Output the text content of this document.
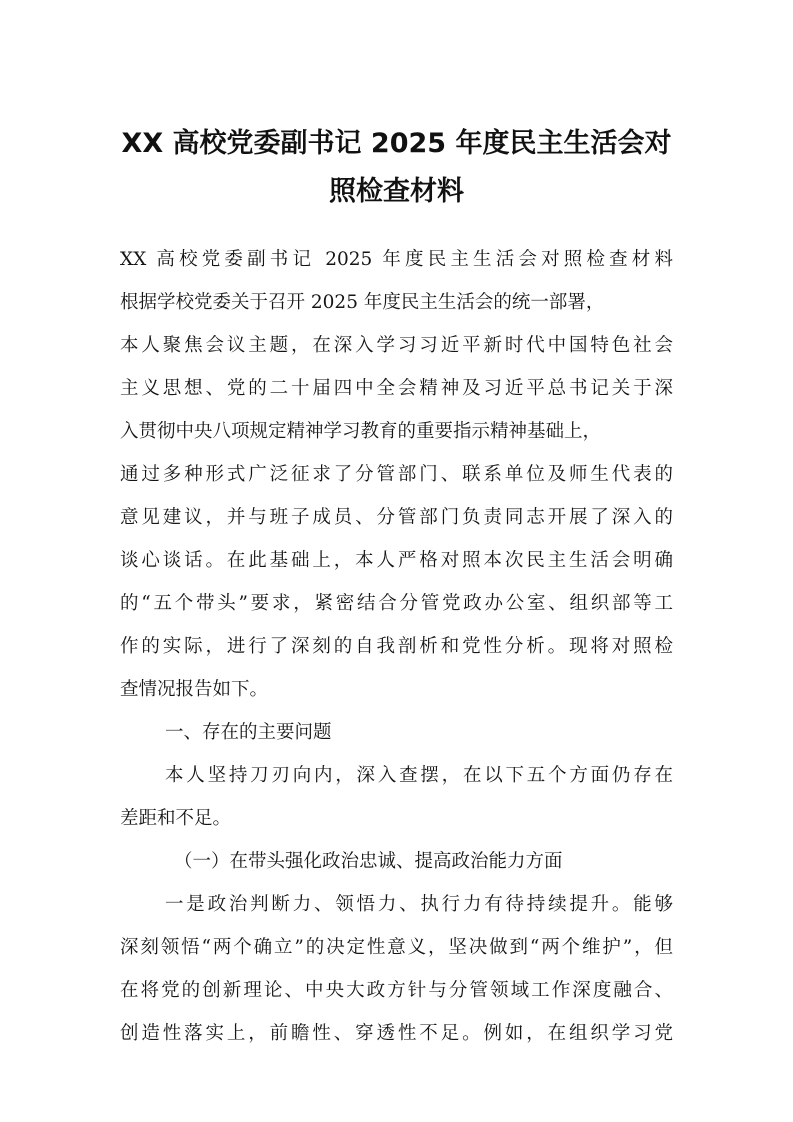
XX 高校党委副书记 2025 年度民主生活会对
照检查材料
XX 高校党委副书记 2025 年度民主生活会对照检查材料
根据学校党委关于召开 2025 年度民主生活会的统一部署，
本人聚焦会议主题，在深入学习习近平新时代中国特色社会
主义思想、党的二十届四中全会精神及习近平总书记关于深
入贯彻中央八项规定精神学习教育的重要指示精神基础上，
通过多种形式广泛征求了分管部门、联系单位及师生代表的
意见建议，并与班子成员、分管部门负责同志开展了深入的
谈心谈话。在此基础上，本人严格对照本次民主生活会明确
的“五个带头”要求，紧密结合分管党政办公室、组织部等工
作的实际，进行了深刻的自我剖析和党性分析。现将对照检
查情况报告如下。
一、存在的主要问题
本人坚持刀刃向内，深入查摆，在以下五个方面仍存在
差距和不足。
（一）在带头强化政治忠诚、提高政治能力方面
一是政治判断力、领悟力、执行力有待持续提升。能够
深刻领悟“两个确立”的决定性意义，坚决做到“两个维护”，但
在将党的创新理论、中央大政方针与分管领域工作深度融合、
创造性落实上，前瞻性、穿透性不足。例如，在组织学习党
